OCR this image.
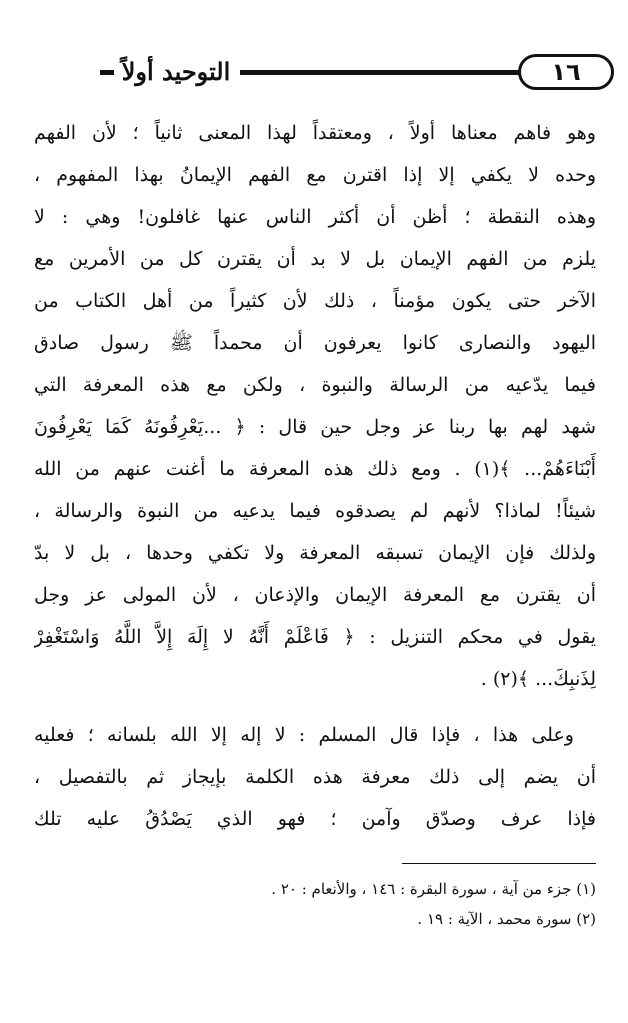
١٦
التوحيد أولاً
وهو فاهم معناها أولاً ، ومعتقداً لهذا المعنى ثانياً ؛ لأن الفهم
وحده لا يكفي إلا إذا اقترن مع الفهم الإيمانُ بهذا المفهوم ،
وهذه النقطة ؛ أظن أن أكثر الناس عنها غافلون! وهي : لا
يلزم من الفهم الإيمان بل لا بد أن يقترن كل من الأمرين مع
الآخر حتى يكون مؤمناً ، ذلك لأن كثيراً من أهل الكتاب من
اليهود والنصارى كانوا يعرفون أن محمداً ﷺ رسول صادق
فيما يدّعيه من الرسالة والنبوة ، ولكن مع هذه المعرفة التي
شهد لهم بها ربنا عز وجل حين قال : ﴿ ...يَعْرِفُونَهُ كَمَا يَعْرِفُونَ
أَبْنَاءَهُمْ... ﴾(١) . ومع ذلك هذه المعرفة ما أغنت عنهم من الله
شيئاً! لماذا؟ لأنهم لم يصدقوه فيما يدعيه من النبوة والرسالة ،
ولذلك فإن الإيمان تسبقه المعرفة ولا تكفي وحدها ، بل لا بدّ
أن يقترن مع المعرفة الإيمان والإذعان ، لأن المولى عز وجل
يقول في محكم التنزيل : ﴿ فَاعْلَمْ أَنَّهُ لا إِلَهَ إِلاَّ اللَّهُ وَاسْتَغْفِرْ
لِذَنبِكَ... ﴾(٢) .
وعلى هذا ، فإذا قال المسلم : لا إله إلا الله بلسانه ؛ فعليه
أن يضم إلى ذلك معرفة هذه الكلمة بإيجاز ثم بالتفصيل ،
فإذا عرف وصدّق وآمن ؛ فهو الذي يَصْدُقُ عليه تلك
(١) جزء من آية ، سورة البقرة : ١٤٦ ، والأنعام : ٢٠ .
(٢) سورة محمد ، الآية : ١٩ .
